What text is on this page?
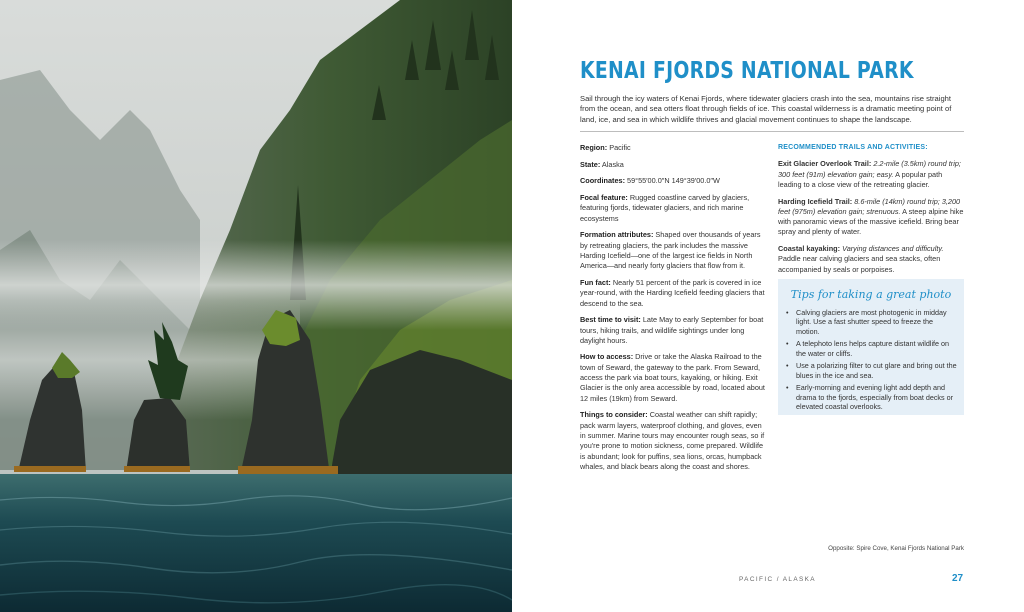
KENAI FJORDS NATIONAL PARK

Sail through the icy waters of Kenai Fjords, where tidewater glaciers crash into the sea, mountains rise straight from the ocean, and sea otters float through fields of ice. This coastal wilderness is a dramatic meeting point of land, ice, and sea in which wildlife thrives and glacial movement continues to shape the landscape.

Region: Pacific

State: Alaska

Coordinates: 59°55′00.0″N 149°39′00.0″W

Focal feature: Rugged coastline carved by glaciers, featuring fjords, tidewater glaciers, and rich marine ecosystems

Formation attributes: Shaped over thousands of years by retreating glaciers, the park includes the massive Harding Icefield—one of the largest ice fields in North America—and nearly forty glaciers that flow from it.

Fun fact: Nearly 51 percent of the park is covered in ice year-round, with the Harding Icefield feeding glaciers that descend to the sea.

Best time to visit: Late May to early September for boat tours, hiking trails, and wildlife sightings under long daylight hours.

How to access: Drive or take the Alaska Railroad to the town of Seward, the gateway to the park. From Seward, access the park via boat tours, kayaking, or hiking. Exit Glacier is the only area accessible by road, located about 12 miles (19km) from Seward.

Things to consider: Coastal weather can shift rapidly; pack warm layers, waterproof clothing, and gloves, even in summer. Marine tours may encounter rough seas, so if you're prone to motion sickness, come prepared. Wildlife is abundant; look for puffins, sea lions, orcas, humpback whales, and black bears along the coast and shores.

RECOMMENDED TRAILS AND ACTIVITIES:

Exit Glacier Overlook Trail: 2.2-mile (3.5km) round trip; 300 feet (91m) elevation gain; easy. A popular path leading to a close view of the retreating glacier.

Harding Icefield Trail: 8.6-mile (14km) round trip; 3,200 feet (975m) elevation gain; strenuous. A steep alpine hike with panoramic views of the massive icefield. Bring bear spray and plenty of water.

Coastal kayaking: Varying distances and difficulty. Paddle near calving glaciers and sea stacks, often accompanied by seals or porpoises.

Tips for taking a great photo
• Calving glaciers are most photogenic in midday light. Use a fast shutter speed to freeze the motion.
• A telephoto lens helps capture distant wildlife on the water or cliffs.
• Use a polarizing filter to cut glare and bring out the blues in the ice and sea.
• Early-morning and evening light add depth and drama to the fjords, especially from boat decks or elevated coastal overlooks.
Opposite: Spire Cove, Kenai Fjords National Park
PACIFIC / ALASKA	27
